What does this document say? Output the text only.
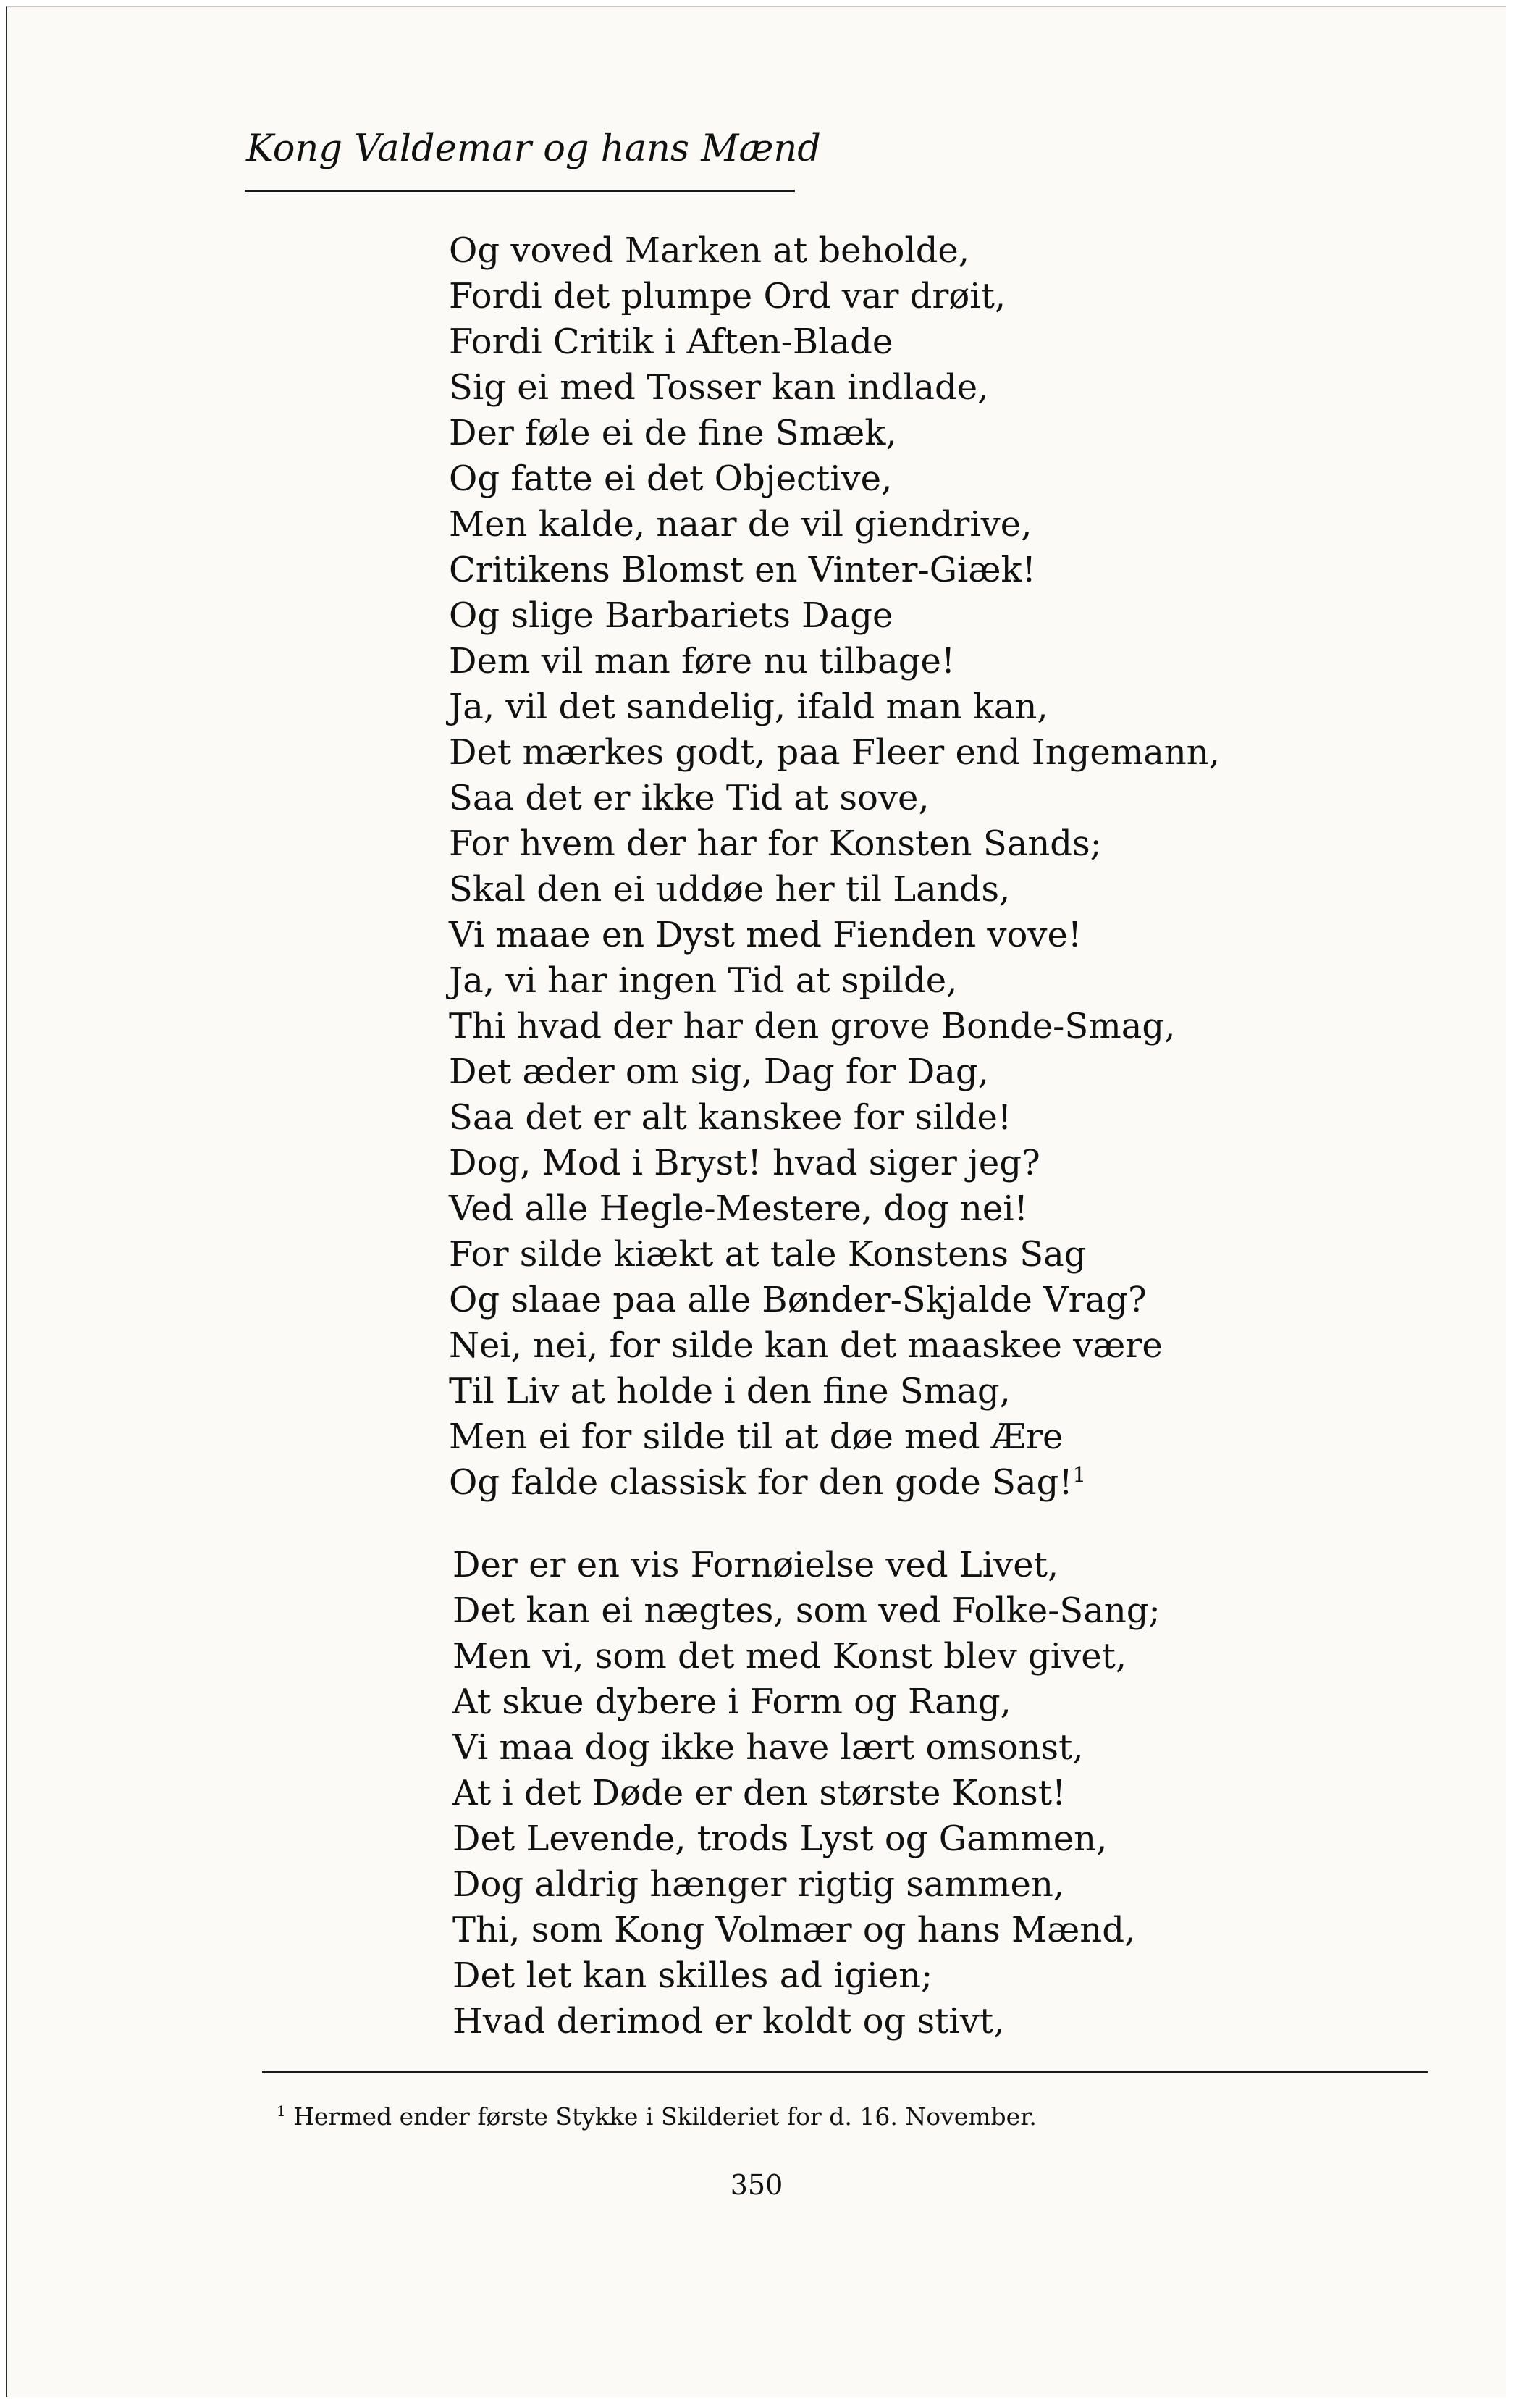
Kong Valdemar og hans Mænd
Og voved Marken at beholde,
Fordi det plumpe Ord var drøit,
Fordi Critik i Aften-Blade
Sig ei med Tosser kan indlade,
Der føle ei de fine Smæk,
Og fatte ei det Objective,
Men kalde, naar de vil giendrive,
Critikens Blomst en Vinter-Giæk!
Og slige Barbariets Dage
Dem vil man føre nu tilbage!
Ja, vil det sandelig, ifald man kan,
Det mærkes godt, paa Fleer end Ingemann,
Saa det er ikke Tid at sove,
For hvem der har for Konsten Sands;
Skal den ei uddøe her til Lands,
Vi maae en Dyst med Fienden vove!
Ja, vi har ingen Tid at spilde,
Thi hvad der har den grove Bonde-Smag,
Det æder om sig, Dag for Dag,
Saa det er alt kanskee for silde!
Dog, Mod i Bryst! hvad siger jeg?
Ved alle Hegle-Mestere, dog nei!
For silde kiækt at tale Konstens Sag
Og slaae paa alle Bønder-Skjalde Vrag?
Nei, nei, for silde kan det maaskee være
Til Liv at holde i den fine Smag,
Men ei for silde til at døe med Ære
Og falde classisk for den gode Sag!$^1$
Der er en vis Fornøielse ved Livet,
Det kan ei nægtes, som ved Folke-Sang;
Men vi, som det med Konst blev givet,
At skue dybere i Form og Rang,
Vi maa dog ikke have lært omsonst,
At i det Døde er den største Konst!
Det Levende, trods Lyst og Gammen,
Dog aldrig hænger rigtig sammen,
Thi, som Kong Volmær og hans Mænd,
Det let kan skilles ad igien;
Hvad derimod er koldt og stivt,
$^1$ Hermed ender første Stykke i Skilderiet for d. 16. November.
350
